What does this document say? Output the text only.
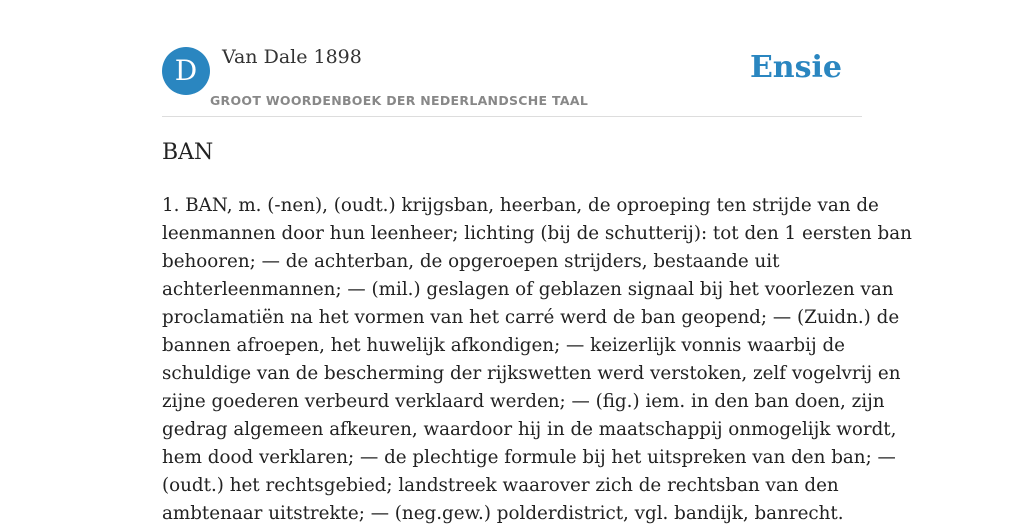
D	Van Dale 1898
GROOT WOORDENBOEK DER NEDERLANDSCHE TAAL
Ensie
BAN

1. BAN, m. (-nen), (oudt.) krijgsban, heerban, de oproeping ten strijde van de
leenmannen door hun leenheer; lichting (bij de schutterij): tot den 1 eersten ban
behooren; — de achterban, de opgeroepen strijders, bestaande uit
achterleenmannen; — (mil.) geslagen of geblazen signaal bij het voorlezen van
proclamatiën na het vormen van het carré werd de ban geopend; — (Zuidn.) de
bannen afroepen, het huwelijk afkondigen; — keizerlijk vonnis waarbij de
schuldige van de bescherming der rijkswetten werd verstoken, zelf vogelvrij en
zijne goederen verbeurd verklaard werden; — (fig.) iem. in den ban doen, zijn
gedrag algemeen afkeuren, waardoor hij in de maatschappij onmogelijk wordt,
hem dood verklaren; — de plechtige formule bij het uitspreken van den ban; —
(oudt.) het rechtsgebied; landstreek waarover zich de rechtsban van den
ambtenaar uitstrekte; — (neg.gew.) polderdistrict, vgl. bandijk, banrecht.
